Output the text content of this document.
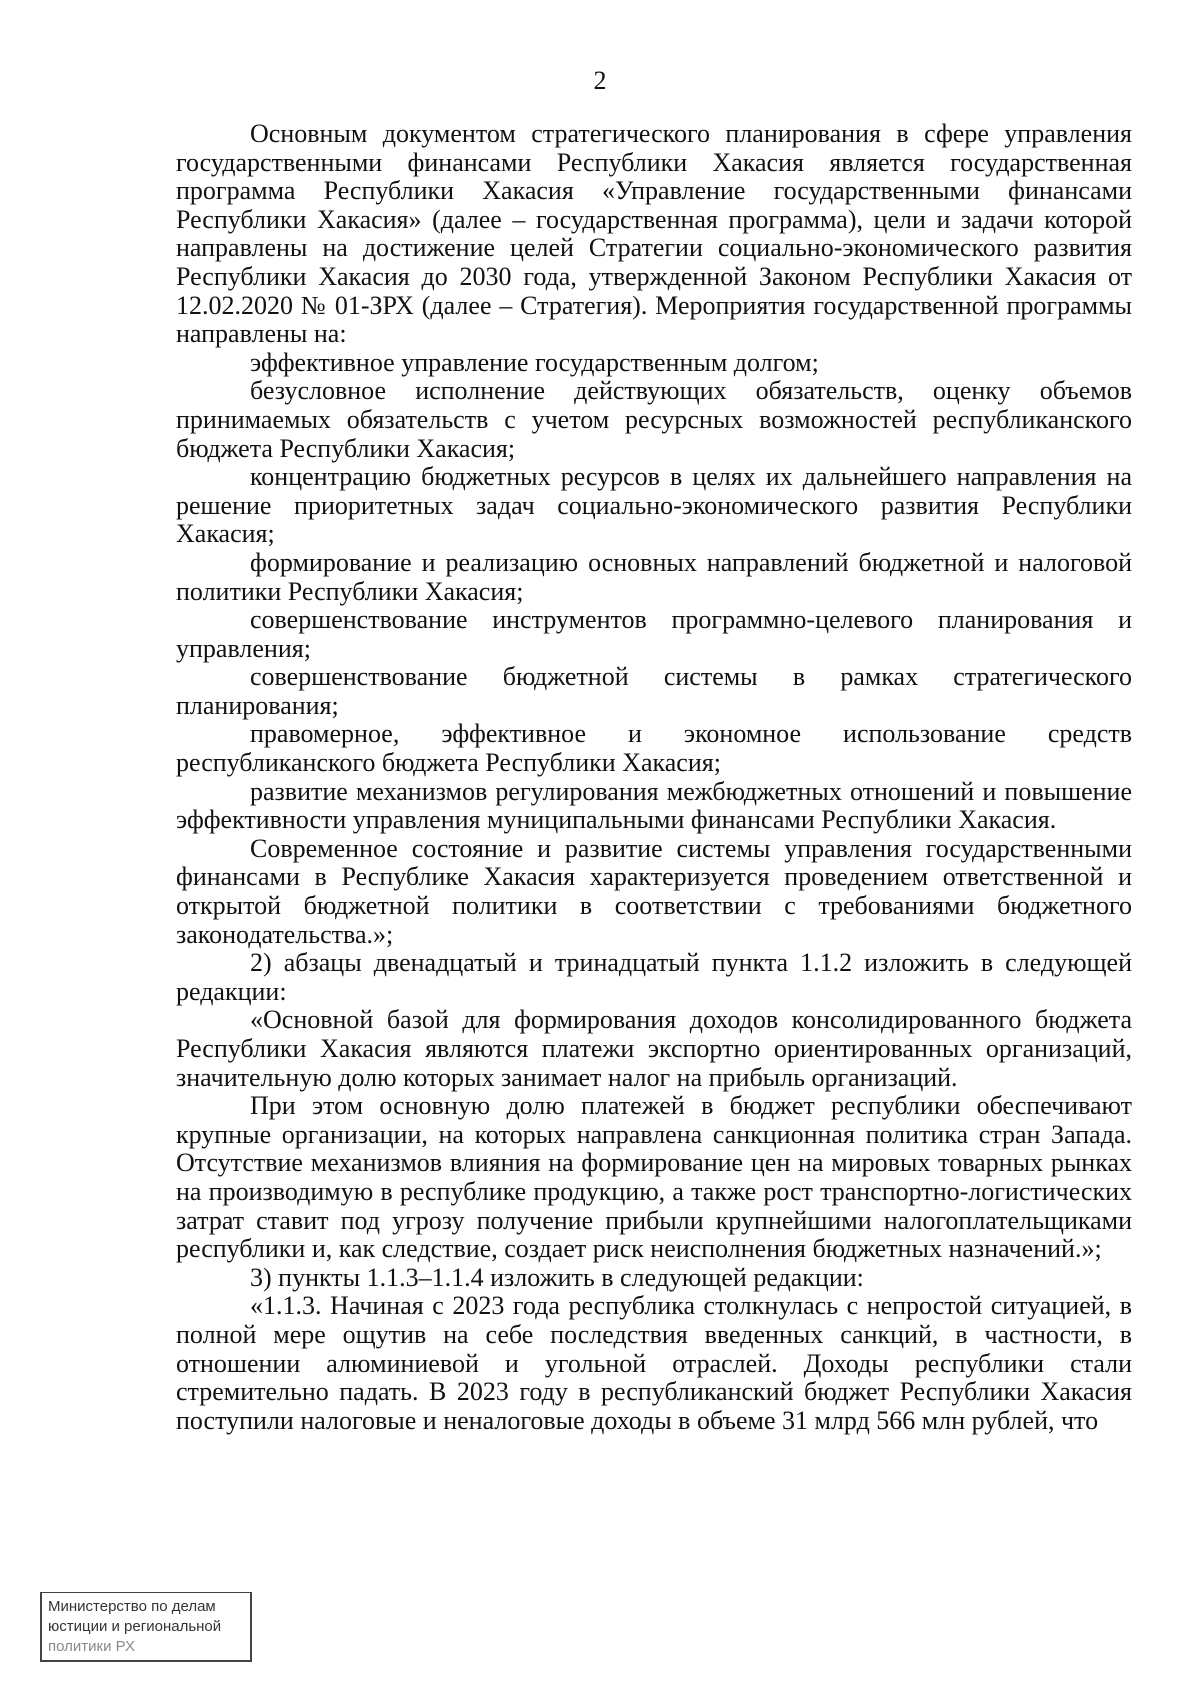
2

Основным документом стратегического планирования в сфере управления государственными финансами Республики Хакасия является государственная программа Республики Хакасия «Управление государственными финансами Республики Хакасия» (далее – государственная программа), цели и задачи которой направлены на достижение целей Стратегии социально-экономического развития Республики Хакасия до 2030 года, утвержденной Законом Республики Хакасия от 12.02.2020 № 01-ЗРХ (далее – Стратегия). Мероприятия государственной программы направлены на:

эффективное управление государственным долгом;

безусловное исполнение действующих обязательств, оценку объемов принимаемых обязательств с учетом ресурсных возможностей республиканского бюджета Республики Хакасия;

концентрацию бюджетных ресурсов в целях их дальнейшего направления на решение приоритетных задач социально-экономического развития Республики Хакасия;

формирование и реализацию основных направлений бюджетной и налоговой политики Республики Хакасия;

совершенствование инструментов программно-целевого планирования и управления;

совершенствование бюджетной системы в рамках стратегического планирования;

правомерное, эффективное и экономное использование средств республиканского бюджета Республики Хакасия;

развитие механизмов регулирования межбюджетных отношений и повышение эффективности управления муниципальными финансами Республики Хакасия.

Современное состояние и развитие системы управления государственными финансами в Республике Хакасия характеризуется проведением ответственной и открытой бюджетной политики в соответствии с требованиями бюджетного законодательства.»;

2) абзацы двенадцатый и тринадцатый пункта 1.1.2 изложить в следующей редакции:

«Основной базой для формирования доходов консолидированного бюджета Республики Хакасия являются платежи экспортно ориентированных организаций, значительную долю которых занимает налог на прибыль организаций.

При этом основную долю платежей в бюджет республики обеспечивают крупные организации, на которых направлена санкционная политика стран Запада. Отсутствие механизмов влияния на формирование цен на мировых товарных рынках на производимую в республике продукцию, а также рост транспортно-логистических затрат ставит под угрозу получение прибыли крупнейшими налогоплательщиками республики и, как следствие, создает риск неисполнения бюджетных назначений.»;

3) пункты 1.1.3–1.1.4 изложить в следующей редакции:

«1.1.3. Начиная с 2023 года республика столкнулась с непростой ситуацией, в полной мере ощутив на себе последствия введенных санкций, в частности, в отношении алюминиевой и угольной отраслей. Доходы республики стали стремительно падать. В 2023 году в республиканский бюджет Республики Хакасия поступили налоговые и неналоговые доходы в объеме 31 млрд 566 млн рублей, что

Министерство по делам
юстиции и региональной
политики РХ
